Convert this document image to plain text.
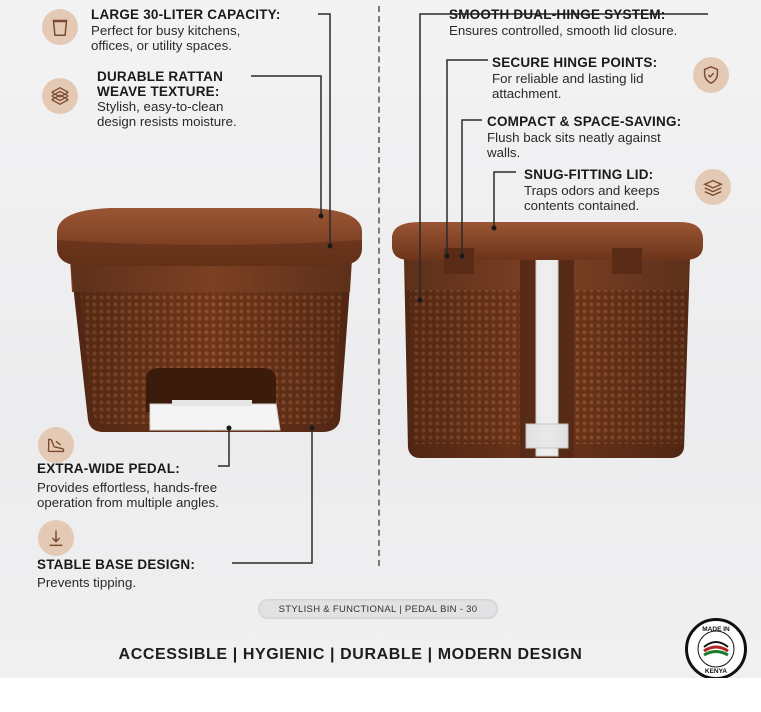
LARGE 30-LITER CAPACITY:
Perfect for busy kitchens,
offices, or utility spaces.
DURABLE RATTAN
WEAVE TEXTURE:
Stylish, easy-to-clean
design resists moisture.
EXTRA-WIDE PEDAL:
Provides effortless, hands-free
operation from multiple angles.
STABLE BASE DESIGN:
Prevents tipping.
SMOOTH DUAL-HINGE SYSTEM:
Ensures controlled, smooth lid closure.
SECURE HINGE POINTS:
For reliable and lasting lid
attachment.
COMPACT & SPACE-SAVING:
Flush back sits neatly against
walls.
SNUG-FITTING LID:
Traps odors and keeps
contents contained.
STYLISH & FUNCTIONAL | PEDAL BIN - 30
ACCESSIBLE | HYGIENIC | DURABLE | MODERN DESIGN
MADE IN
KENYA
